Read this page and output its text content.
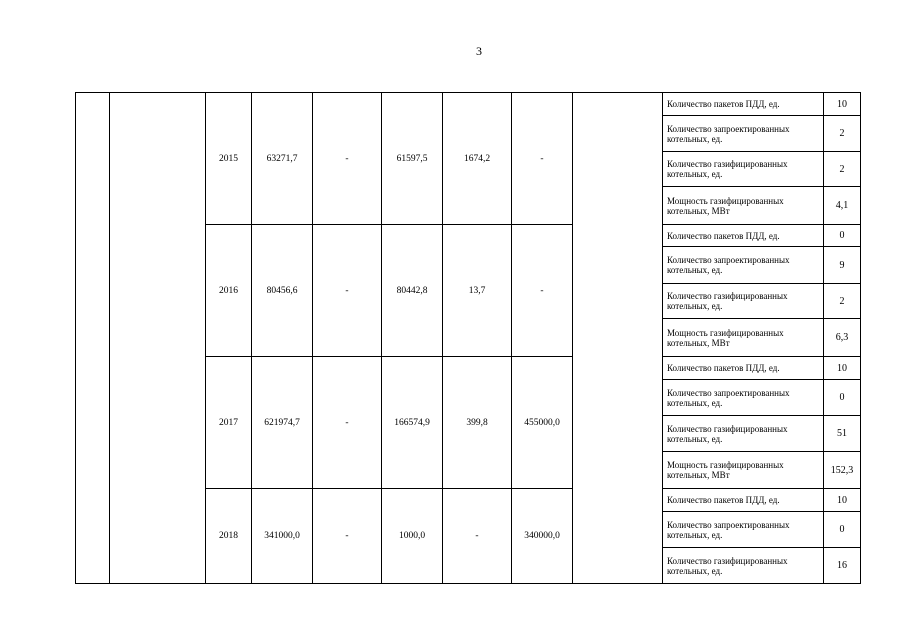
3
		2015	63271,7	-	61597,5	1674,2	-		Количество пакетов ПДД, ед.	10
									Количество запроектированных котельных, ед.	2
									Количество газифицированных котельных, ед.	2
									Мощность газифицированных котельных, МВт	4,1
		2016	80456,6	-	80442,8	13,7	-		Количество пакетов ПДД, ед.	0
									Количество запроектированных котельных, ед.	9
									Количество газифицированных котельных, ед.	2
									Мощность газифицированных котельных, МВт	6,3
		2017	621974,7	-	166574,9	399,8	455000,0		Количество пакетов ПДД, ед.	10
									Количество запроектированных котельных, ед.	0
									Количество газифицированных котельных, ед.	51
									Мощность газифицированных котельных, МВт	152,3
		2018	341000,0	-	1000,0	-	340000,0		Количество пакетов ПДД, ед.	10
									Количество запроектированных котельных, ед.	0
									Количество газифицированных котельных, ед.	16
